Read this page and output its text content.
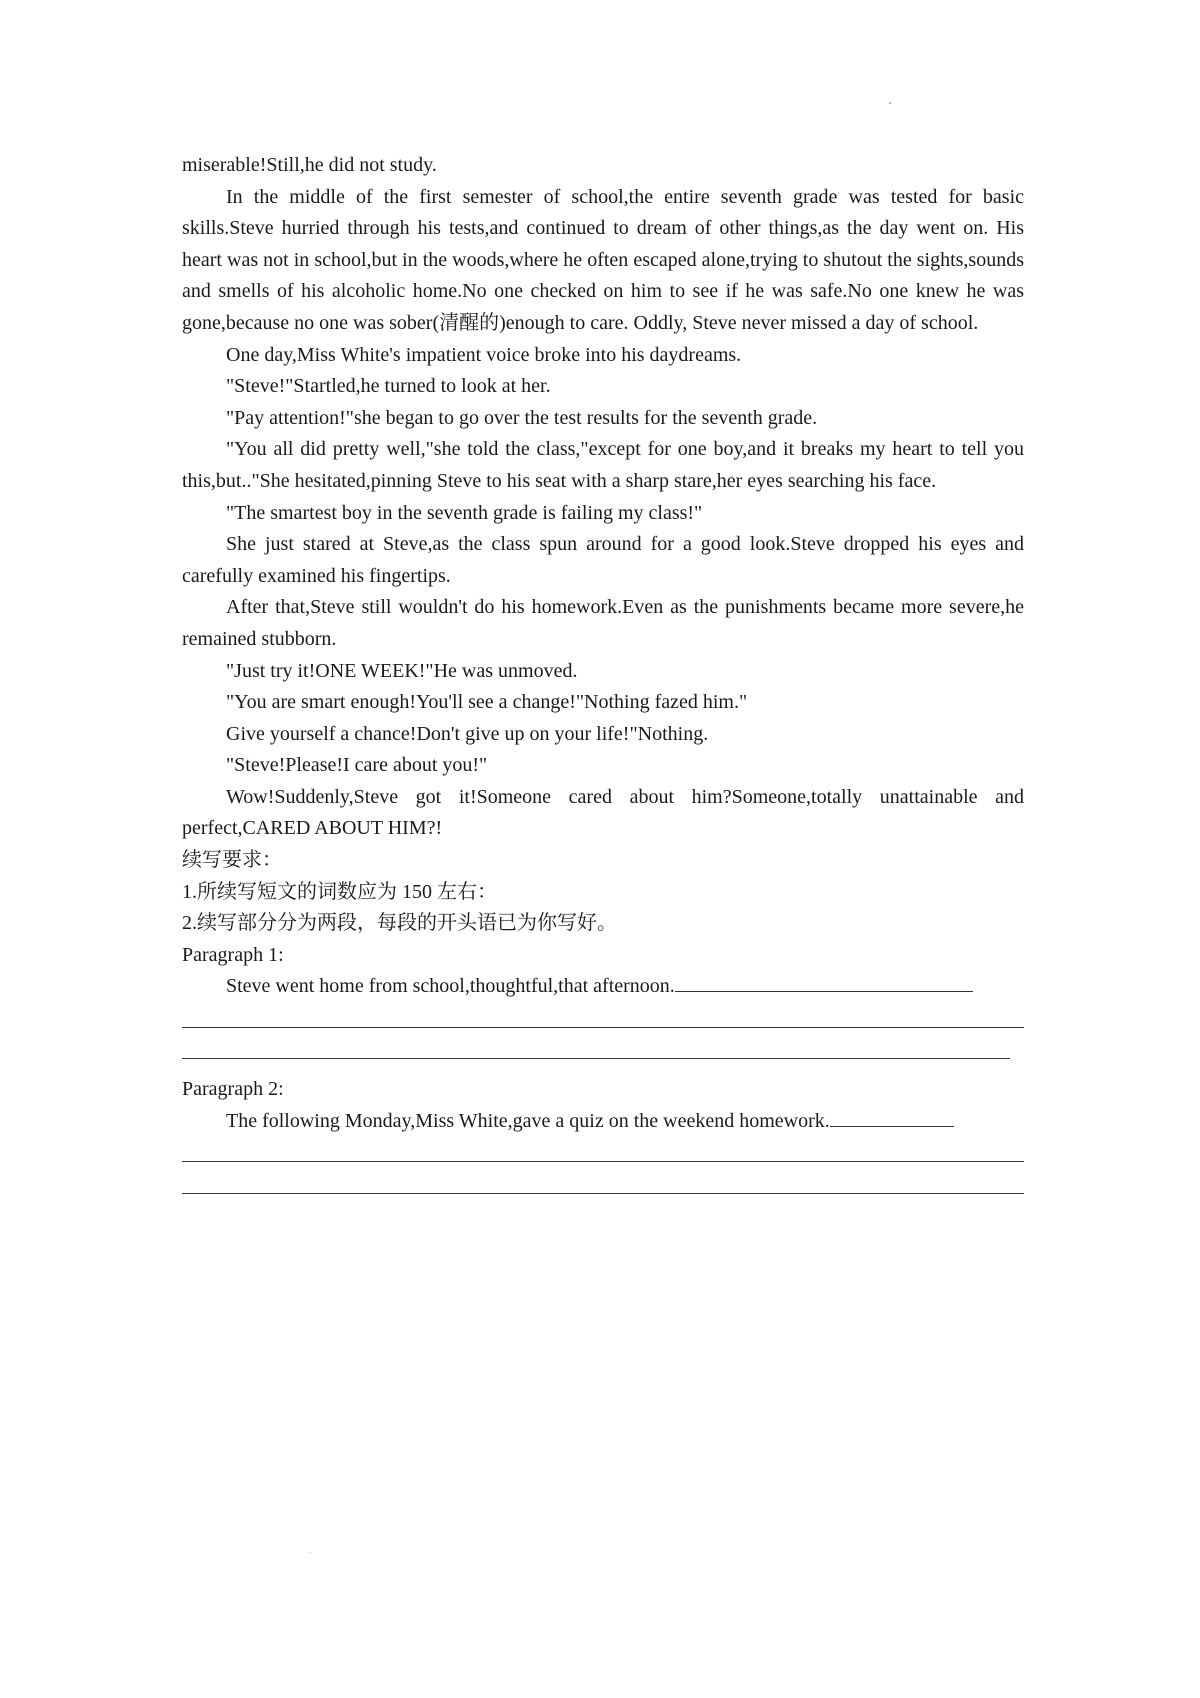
miserable!Still,he did not study.

In the middle of the first semester of school,the entire seventh grade was tested for basic skills.Steve hurried through his tests,and continued to dream of other things,as the day went on. His heart was not in school,but in the woods,where he often escaped alone,trying to shutout the sights,sounds and smells of his alcoholic home.No one checked on him to see if he was safe.No one knew he was gone,because no one was sober(清醒的)enough to care. Oddly, Steve never missed a day of school.

One day,Miss White's impatient voice broke into his daydreams.

"Steve!"Startled,he turned to look at her.

"Pay attention!"she began to go over the test results for the seventh grade.

"You all did pretty well,"she told the class,"except for one boy,and it breaks my heart to tell you this,but.."She hesitated,pinning Steve to his seat with a sharp stare,her eyes searching his face.

"The smartest boy in the seventh grade is failing my class!"

She just stared at Steve,as the class spun around for a good look.Steve dropped his eyes and carefully examined his fingertips.

After that,Steve still wouldn't do his homework.Even as the punishments became more severe,he remained stubborn.

"Just try it!ONE WEEK!"He was unmoved.

"You are smart enough!You'll see a change!"Nothing fazed him."

Give yourself a chance!Don't give up on your life!"Nothing.

"Steve!Please!I care about you!"

Wow!Suddenly,Steve got it!Someone cared about him?Someone,totally unattainable and perfect,CARED ABOUT HIM?!

续写要求：

1.所续写短文的词数应为 150 左右：

2.续写部分分为两段，每段的开头语已为你写好。

Paragraph 1:

Steve went home from school,thoughtful,that afternoon.

Paragraph 2:

The following Monday,Miss White,gave a quiz on the weekend homework.
